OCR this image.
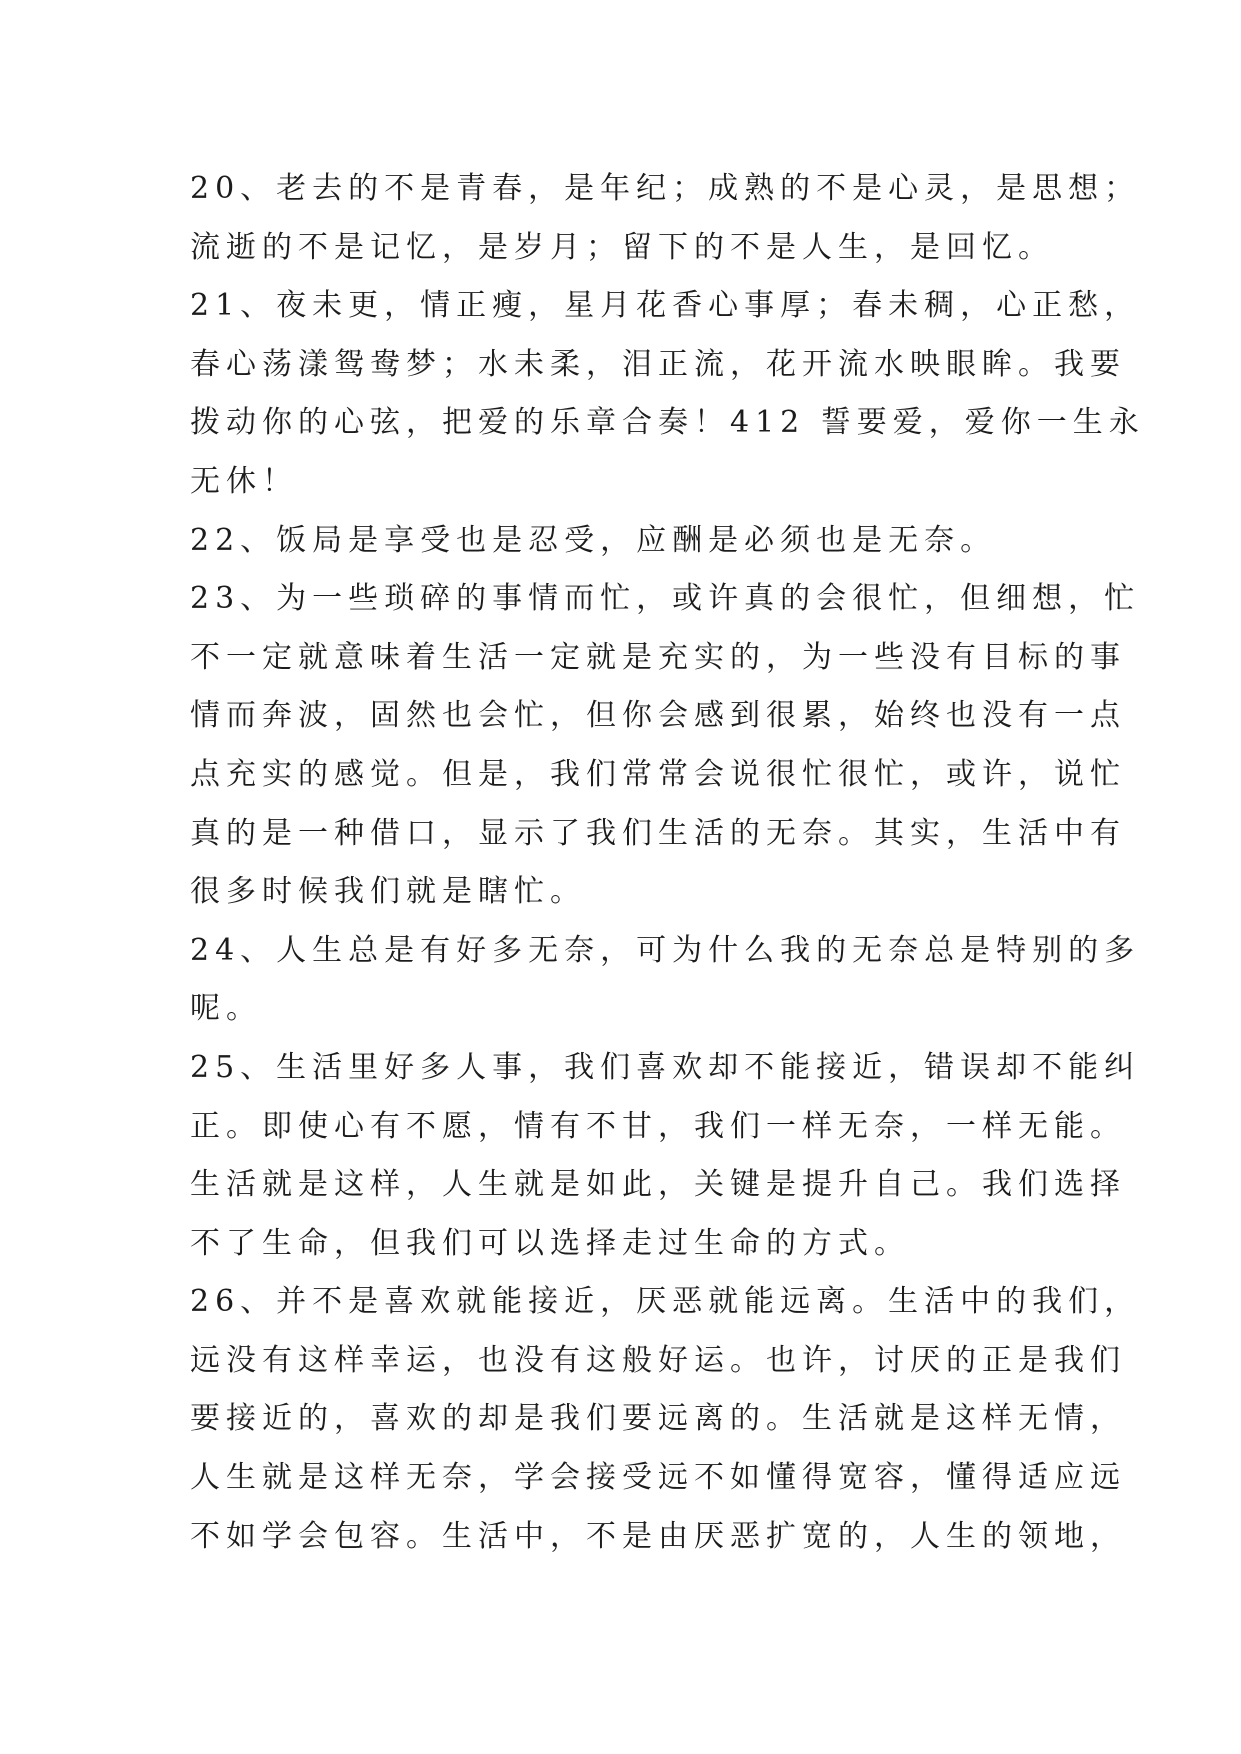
20、老去的不是青春，是年纪；成熟的不是心灵，是思想；
流逝的不是记忆，是岁月；留下的不是人生，是回忆。
21、夜未更，情正瘦，星月花香心事厚；春未稠，心正愁，
春心荡漾鸳鸯梦；水未柔，泪正流，花开流水映眼眸。我要
拨动你的心弦，把爱的乐章合奏！412 誓要爱，爱你一生永
无休！
22、饭局是享受也是忍受，应酬是必须也是无奈。
23、为一些琐碎的事情而忙，或许真的会很忙，但细想，忙
不一定就意味着生活一定就是充实的，为一些没有目标的事
情而奔波，固然也会忙，但你会感到很累，始终也没有一点
点充实的感觉。但是，我们常常会说很忙很忙，或许，说忙
真的是一种借口，显示了我们生活的无奈。其实，生活中有
很多时候我们就是瞎忙。
24、人生总是有好多无奈，可为什么我的无奈总是特别的多
呢。
25、生活里好多人事，我们喜欢却不能接近，错误却不能纠
正。即使心有不愿，情有不甘，我们一样无奈，一样无能。
生活就是这样，人生就是如此，关键是提升自己。我们选择
不了生命，但我们可以选择走过生命的方式。
26、并不是喜欢就能接近，厌恶就能远离。生活中的我们，
远没有这样幸运，也没有这般好运。也许，讨厌的正是我们
要接近的，喜欢的却是我们要远离的。生活就是这样无情，
人生就是这样无奈，学会接受远不如懂得宽容，懂得适应远
不如学会包容。生活中，不是由厌恶扩宽的，人生的领地，
